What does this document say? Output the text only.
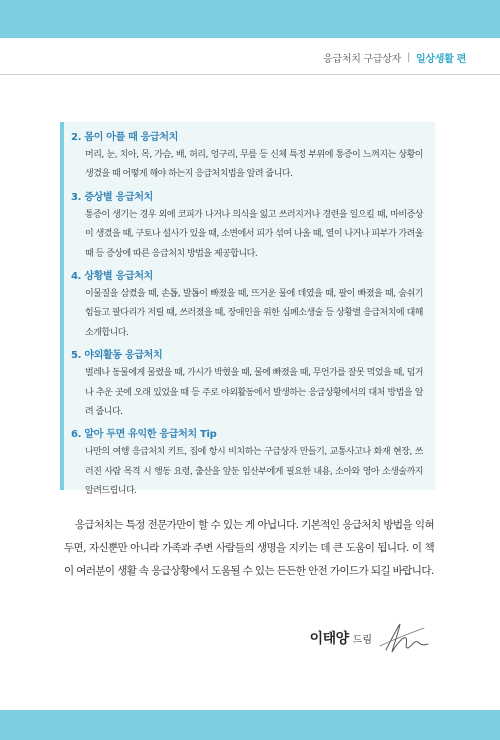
응급처치 구급상자 | 일상생활 편
2. 몸이 아플 때 응급처치
머리, 눈, 치아, 목, 가슴, 배, 허리, 엉구리, 무릎 등 신체 특정 부위에 통증이 느껴지는 상황이 생겼을 때 어떻게 해야 하는지 응급처치법을 알려 줍니다.
3. 증상별 응급처치
통증이 생기는 경우 외에 코피가 나거나 의식을 잃고 쓰러지거나 경련을 일으킬 때, 마비증상이 생겼을 때, 구토나 설사가 있을 때, 소변에서 피가 섞여 나올 때, 열이 나거나 피부가 가려울 때 등 증상에 따른 응급처치 방법을 제공합니다.
4. 상황별 응급처치
이물질을 삼켰을 때, 손톱, 발톱이 빠졌을 때, 뜨거운 물에 데였을 때, 팔이 빠졌을 때, 숨쉬기 힘들고 팔다리가 저릴 때, 쓰러졌을 때, 장애인을 위한 심폐소생술 등 상황별 응급처치에 대해 소개합니다.
5. 야외활동 응급처치
벌레나 동물에게 물렸을 때, 가시가 박혔을 때, 물에 빠졌을 때, 무언가를 잘못 먹었을 때, 덥거나 추운 곳에 오래 있었을 때 등 주로 야외활동에서 발생하는 응급상황에서의 대처 방법을 알려 줍니다.
6. 알아 두면 유익한 응급처치 Tip
나만의 여행 응급처치 키트, 집에 항시 비치하는 구급상자 만들기, 교통사고나 화재 현장, 쓰러진 사람 목격 시 행동 요령, 출산을 앞둔 임산부에게 필요한 내용, 소아와 영아 소생술까지 알려드립니다.

응급처치는 특정 전문가만이 할 수 있는 게 아닙니다. 기본적인 응급처치 방법을 익혀 두면, 자신뿐만 아니라 가족과 주변 사람들의 생명을 지키는 데 큰 도움이 됩니다. 이 책이 여러분이 생활 속 응급상황에서 도움될 수 있는 든든한 안전 가이드가 되길 바랍니다.

이태양 드림
